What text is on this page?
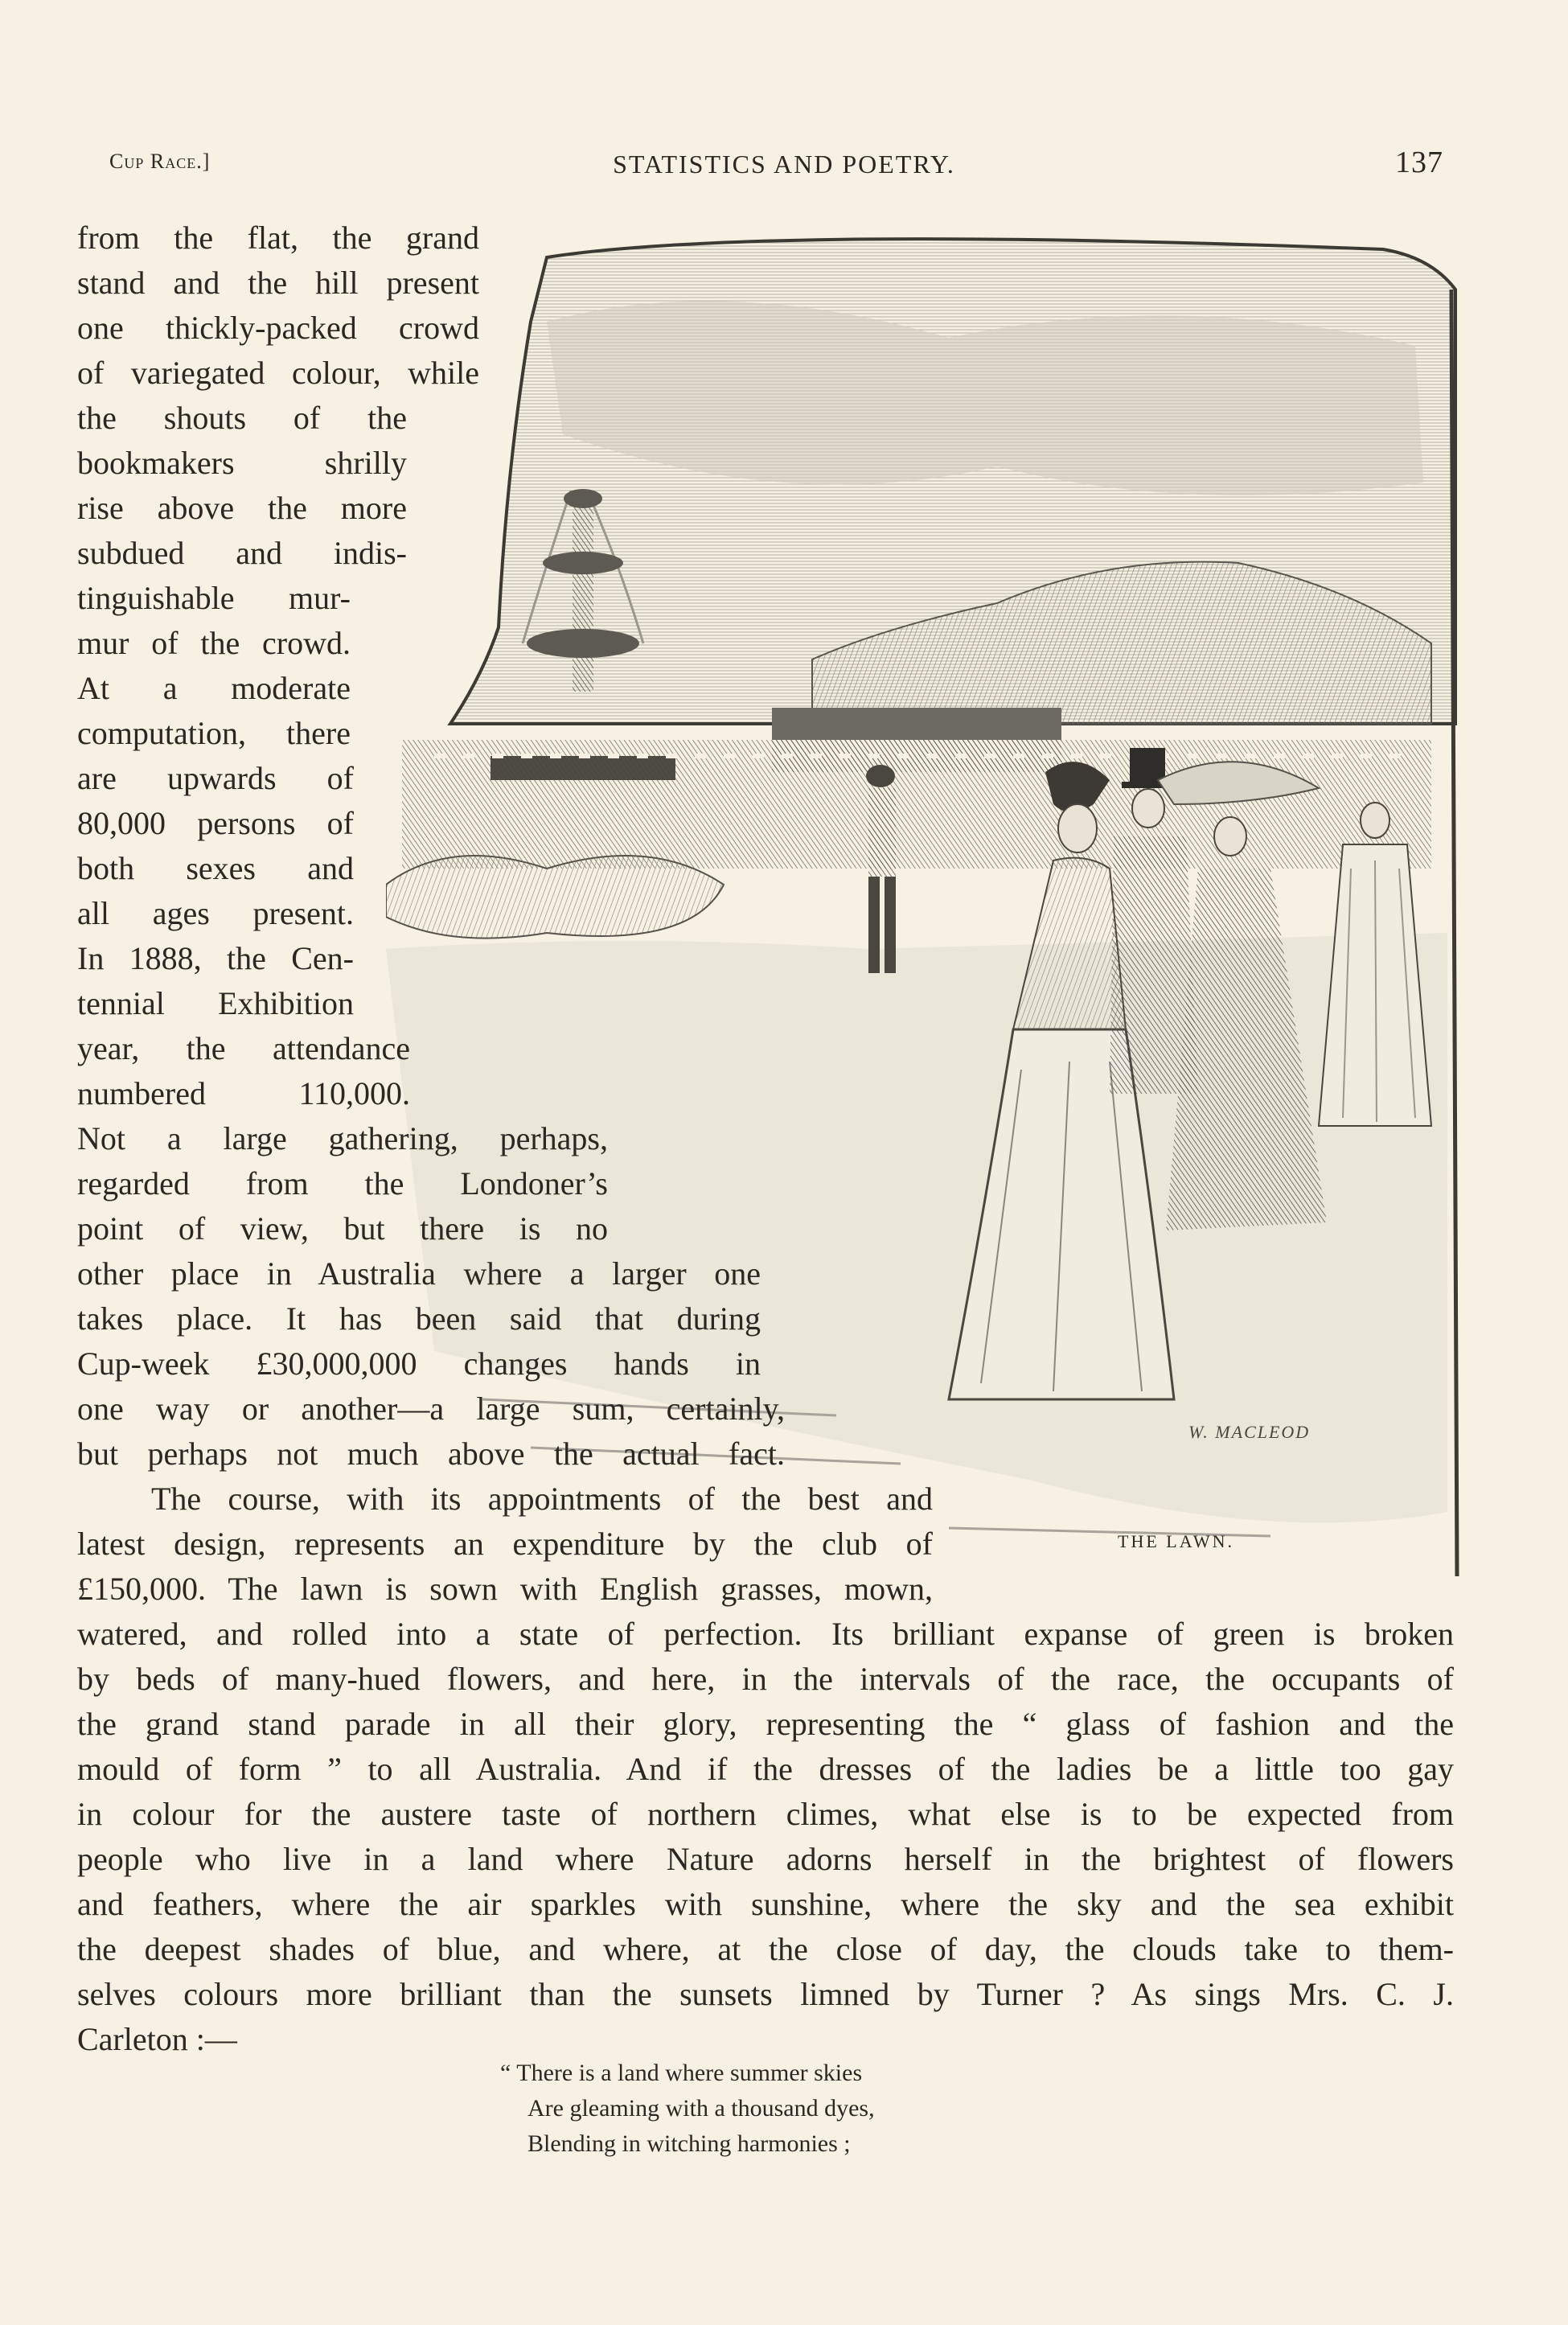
Cup Race.]	STATISTICS AND POETRY.	137
W. MACLEOD
THE LAWN.
from the flat, the grand
stand and the hill present
one thickly-packed crowd
of variegated colour, while
the shouts of the
bookmakers shrilly
rise above the more
subdued and indis-
tinguishable mur-
mur of the crowd.
At a moderate
computation, there
are upwards of
80,000 persons of
both sexes and
all ages present.
In 1888, the Cen-
tennial Exhibition
year, the attendance
numbered 110,000.
Not a large gathering, perhaps,
regarded from the Londoner’s
point of view, but there is no
other place in Australia where a larger one
takes place. It has been said that during
Cup-week £30,000,000 changes hands in
one way or another—a large sum, certainly,
but perhaps not much above the actual fact.
The course, with its appointments of the best and
latest design, represents an expenditure by the club of
£150,000. The lawn is sown with English grasses, mown,
watered, and rolled into a state of perfection. Its brilliant expanse of green is broken
by beds of many-hued flowers, and here, in the intervals of the race, the occupants of
the grand stand parade in all their glory, representing the “ glass of fashion and the
mould of form ” to all Australia. And if the dresses of the ladies be a little too gay
in colour for the austere taste of northern climes, what else is to be expected from
people who live in a land where Nature adorns herself in the brightest of flowers
and feathers, where the air sparkles with sunshine, where the sky and the sea exhibit
the deepest shades of blue, and where, at the close of day, the clouds take to them-
selves colours more brilliant than the sunsets limned by Turner ? As sings Mrs. C. J.
Carleton :—
“ There is a land where summer skies
Are gleaming with a thousand dyes,
Blending in witching harmonies ;
